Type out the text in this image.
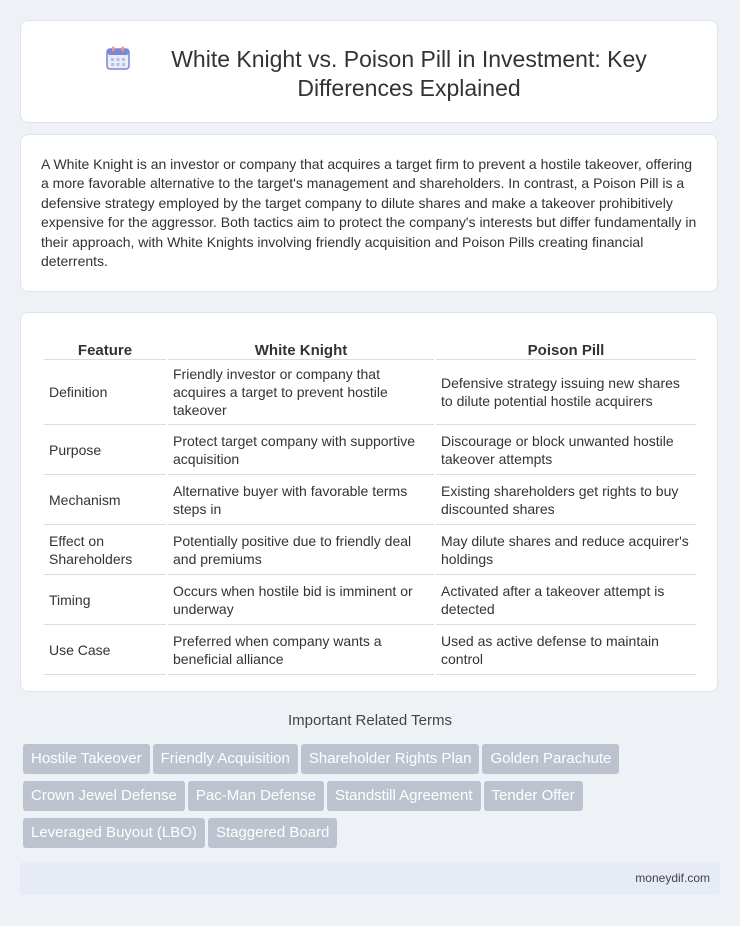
White Knight vs. Poison Pill in Investment: Key Differences Explained

A White Knight is an investor or company that acquires a target firm to prevent a hostile takeover, offering a more favorable alternative to the target's management and shareholders. In contrast, a Poison Pill is a defensive strategy employed by the target company to dilute shares and make a takeover prohibitively expensive for the aggressor. Both tactics aim to protect the company's interests but differ fundamentally in their approach, with White Knights involving friendly acquisition and Poison Pills creating financial deterrents.

Feature	White Knight	Poison Pill
Definition	Friendly investor or company that acquires a target to prevent hostile takeover	Defensive strategy issuing new shares to dilute potential hostile acquirers
Purpose	Protect target company with supportive acquisition	Discourage or block unwanted hostile takeover attempts
Mechanism	Alternative buyer with favorable terms steps in	Existing shareholders get rights to buy discounted shares
Effect on Shareholders	Potentially positive due to friendly deal and premiums	May dilute shares and reduce acquirer's holdings
Timing	Occurs when hostile bid is imminent or underway	Activated after a takeover attempt is detected
Use Case	Preferred when company wants a beneficial alliance	Used as active defense to maintain control
Important Related Terms
Hostile Takeover Friendly Acquisition Shareholder Rights Plan Golden Parachute
Crown Jewel Defense Pac-Man Defense Standstill Agreement Tender Offer
Leveraged Buyout (LBO) Staggered Board
moneydif.com
